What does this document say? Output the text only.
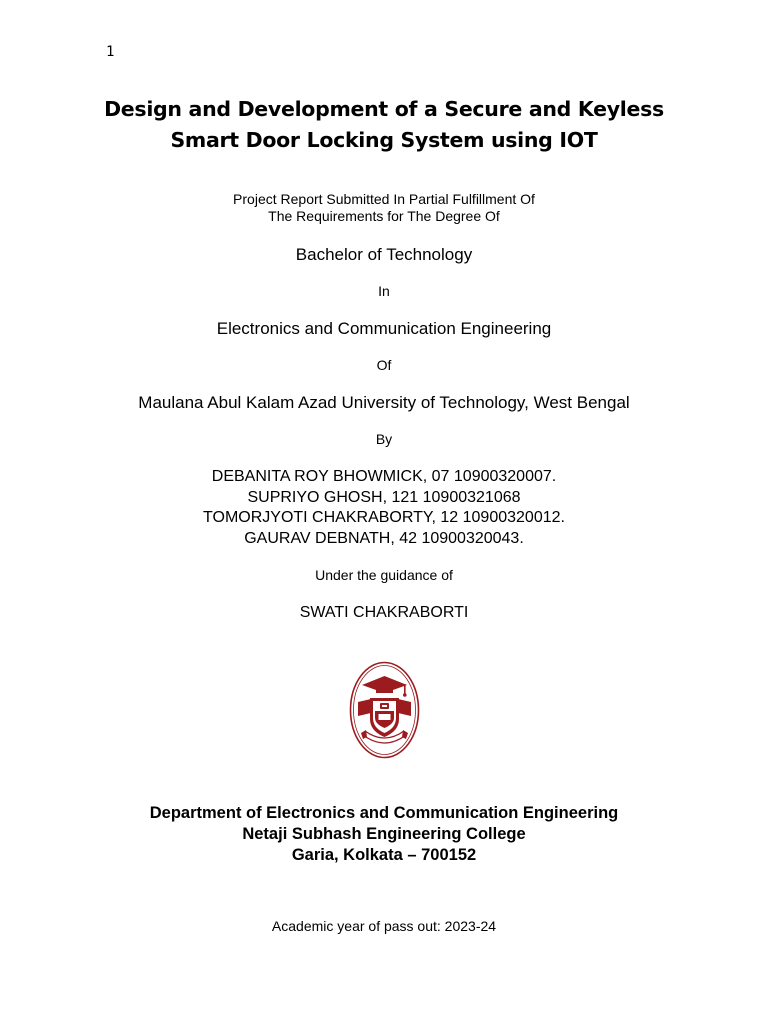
1
Design and Development of a Secure and Keyless
Smart Door Locking System using IOT
Project Report Submitted In Partial Fulfillment Of
The Requirements for The Degree Of
Bachelor of Technology
In
Electronics and Communication Engineering
Of
Maulana Abul Kalam Azad University of Technology, West Bengal
By
DEBANITA ROY BHOWMICK, 07 10900320007.
SUPRIYO GHOSH, 121 10900321068
TOMORJYOTI CHAKRABORTY, 12 10900320012.
GAURAV DEBNATH, 42 10900320043.
Under the guidance of
SWATI CHAKRABORTI
Department of Electronics and Communication Engineering
Netaji Subhash Engineering College
Garia, Kolkata – 700152
Academic year of pass out: 2023-24
